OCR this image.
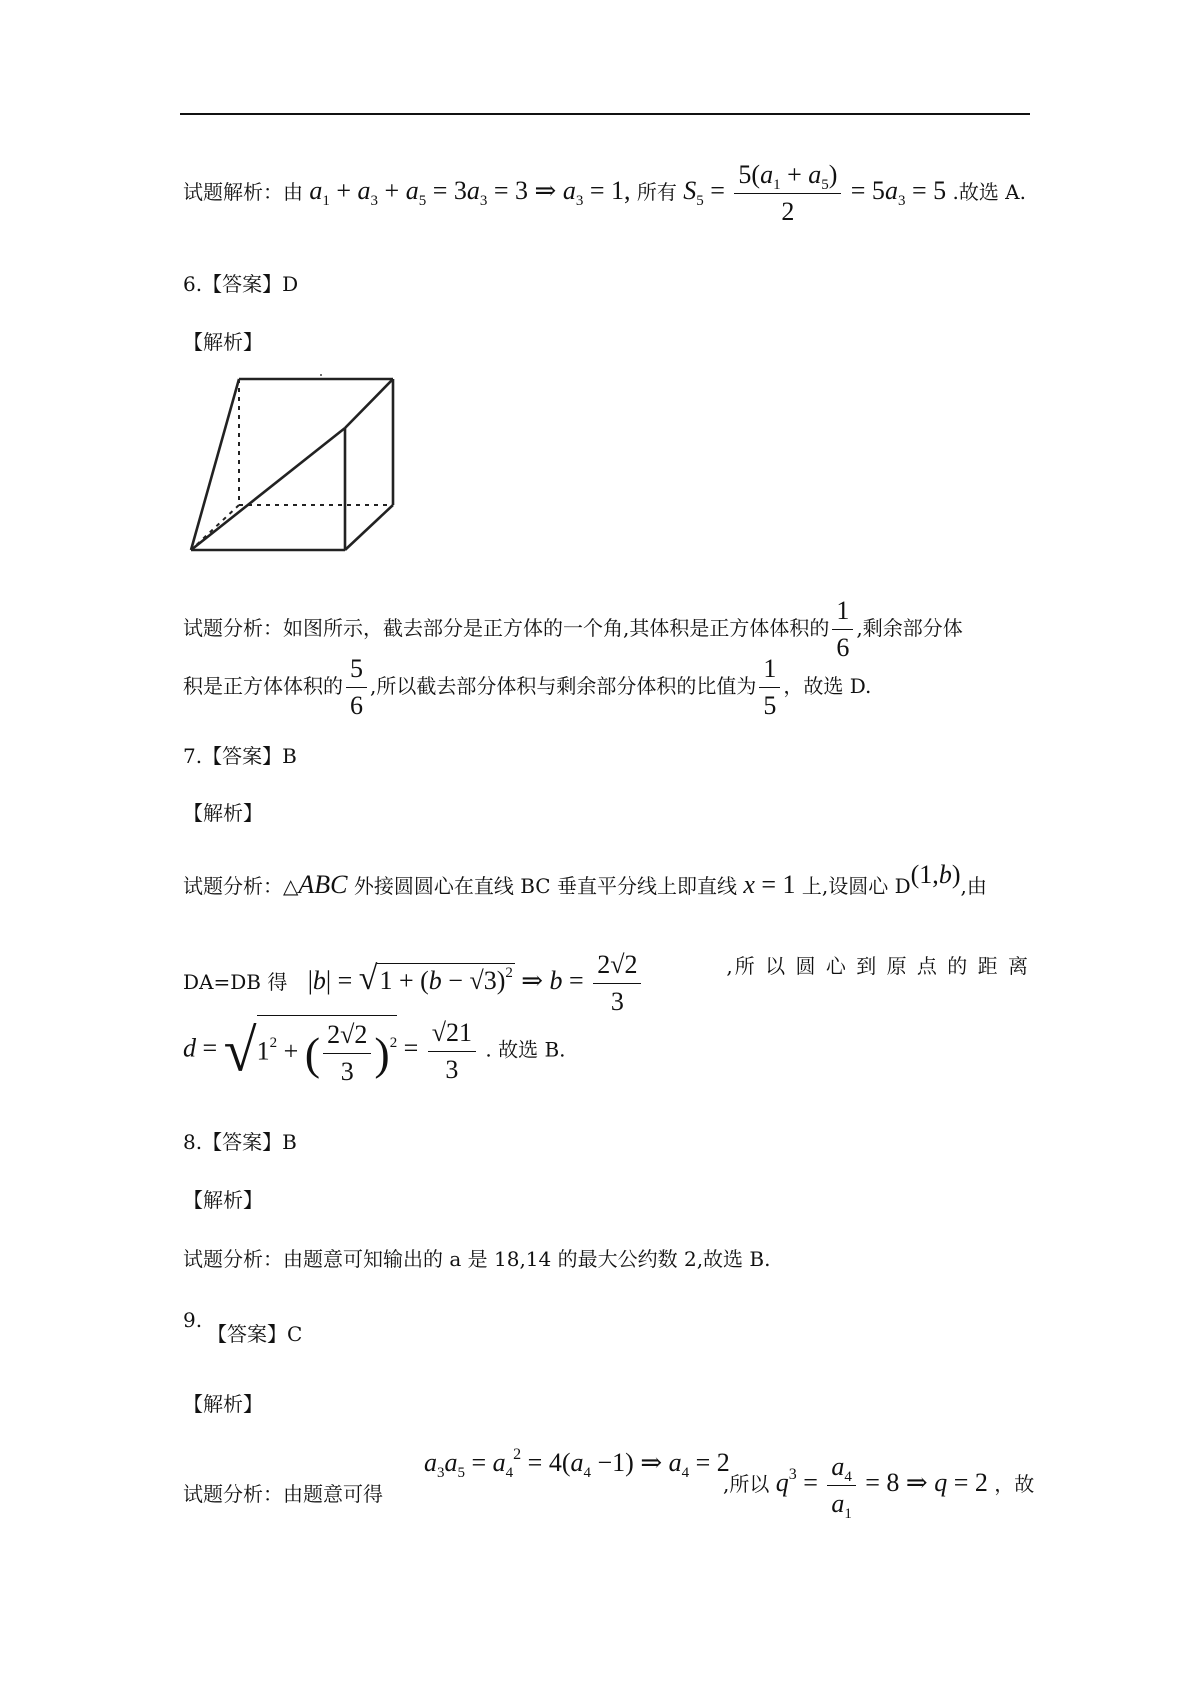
试题解析：由 $a_1 + a_3 + a_5 = 3a_3 = 3$ ⇒ $a_3 = 1$, 所有 $S_5 = \frac{5(a_1 + a_5)}{2} = 5a_3 = 5$ .故选 A.
6.【答案】D
【解析】
试题分析：如图所示，截去部分是正方体的一个角,其体积是正方体体积的 $\frac{1}{6}$ ,剩余部分体
积是正方体体积的 $\frac{5}{6}$ ,所以截去部分体积与剩余部分体积的比值为 $\frac{1}{5}$ ，故选 D.
7.【答案】B
【解析】
试题分析：△ABC 外接圆圆心在直线 BC 垂直平分线上即直线 x = 1 上,设圆心 D(1,b),由
DA=DB 得 $|b| = √1 + (b - √3)^2$ ⇒ $b = \frac{2√2}{3}$	,所 以 圆 心 到 原 点 的 距 离
$d = √1^2$ + ( $\frac{2√2}{3} )^2 = \frac{√21}{3}$ . 故选 B.
8.【答案】B
【解析】
试题分析：由题意可知输出的 a 是 18,14 的最大公约数 2,故选 B.
9.
【答案】C
【解析】
试题分析：由题意可得
$a_3a_5 = a_4^2 = 4(a_4 -1)$ ⇒ $a_4 = 2$
,所以 $q^3 = \frac{a_4}{a_1} = 8$ ⇒ q = 2 ，故
